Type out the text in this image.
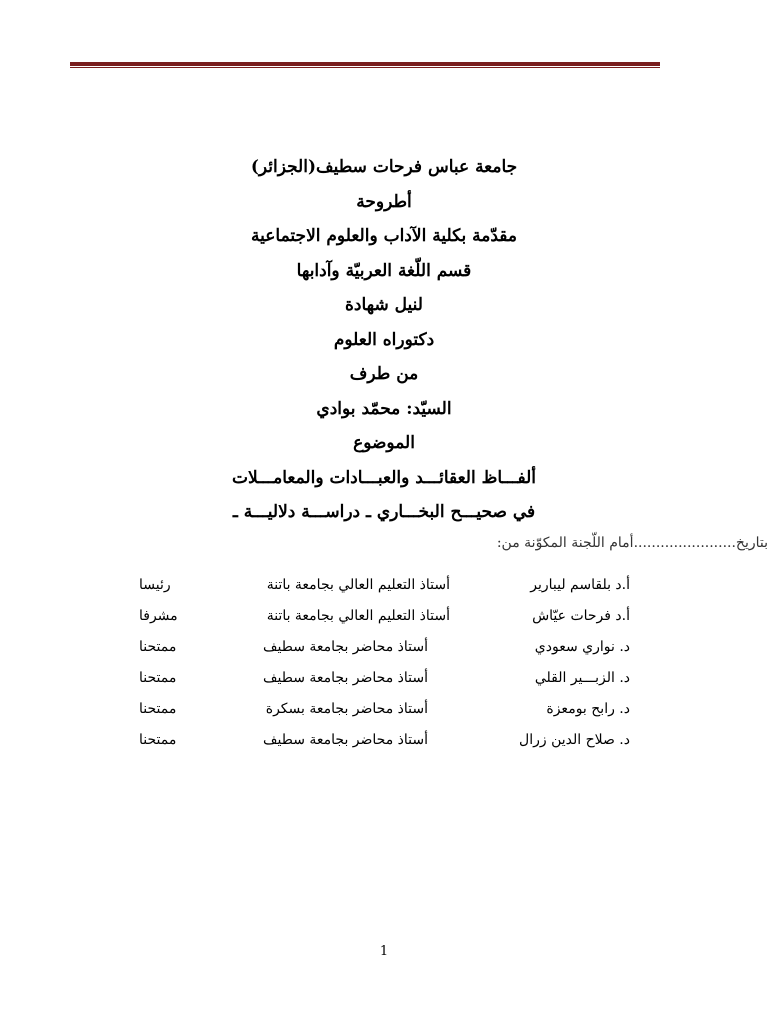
جامعة عباس فرحات سطيف(الجزائر)
أطروحة
مقدّمة بكلية الآداب والعلوم الاجتماعية
قسم اللّغة العربيّة وآدابها
لنيل شهادة
دكتوراه العلوم
من طرف
السيّد: محمّد بوادي
الموضوع
ألفـــاظ العقائـــد والعبـــادات والمعامـــلات
في صحيـــح البخـــاري ـ دراســـة دلاليـــة ـ
بتاريخ.......................أمام اللّجنة المكوّنة من:
أ.د بلقاسم ليبارير
أستاذ التعليم العالي بجامعة باتنة
رئيسا
أ.د فرحات عيّاش
أستاذ التعليم العالي بجامعة باتنة
مشرفا
د. نواري سعودي
أستاذ محاضر بجامعة سطيف
ممتحنا
د. الزبـــير القلي
أستاذ محاضر بجامعة سطيف
ممتحنا
د. رابح بومعزة
أستاذ محاضر بجامعة بسكرة
ممتحنا
د. صلاح الدين زرال
أستاذ محاضر بجامعة سطيف
ممتحنا
1
